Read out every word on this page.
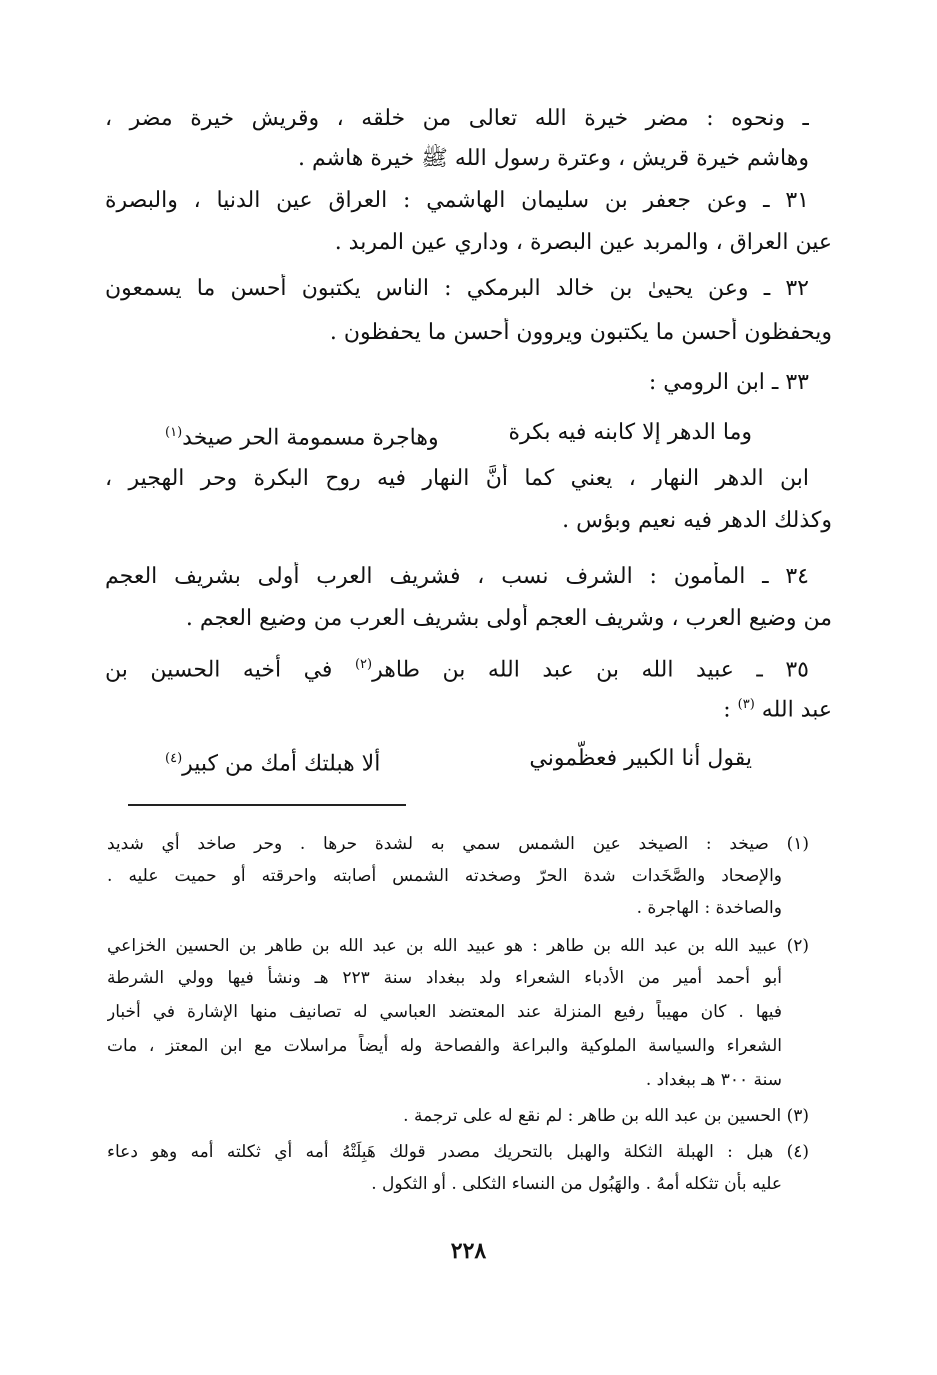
ـ ونحوه : مضر خيرة الله تعالى من خلقه ، وقريش خيرة مضر ،
وهاشم خيرة قريش ، وعترة رسول الله ﷺ خيرة هاشم .
٣١ ـ وعن جعفر بن سليمان الهاشمي : العراق عين الدنيا ، والبصرة
عين العراق ، والمربد عين البصرة ، وداري عين المربد .
٣٢ ـ وعن يحيىٰ بن خالد البرمكي : الناس يكتبون أحسن ما يسمعون
ويحفظون أحسن ما يكتبون ويروون أحسن ما يحفظون .
٣٣ ـ ابن الرومي :
وما الدهر إلا كابنه فيه بكرة
وهاجرة مسمومة الحر صيخد$^{(١)}$
ابن الدهر النهار ، يعني كما أنَّ النهار فيه روح البكرة وحر الهجير ،
وكذلك الدهر فيه نعيم وبؤس .
٣٤ ـ المأمون : الشرف نسب ، فشريف العرب أولى بشريف العجم
من وضيع العرب ، وشريف العجم أولى بشريف العرب من وضيع العجم .
٣٥ ـ عبيد الله بن عبد الله بن طاهر$^{(٢)}$ في أخيه الحسين بن
عبد الله $^{(٣)}$ :
يقول أنا الكبير فعظّموني
ألا هبلتك أمك من كبير$^{(٤)}$
(١) صيخد : الصيخد عين الشمس سمي به لشدة حرها . وحر صاخد أي شديد
والإصحاد والصَّخَدات شدة الحرّ وصخدته الشمس أصابته واحرقته أو حميت عليه .
والصاخدة : الهاجرة .
(٢) عبيد الله بن عبد الله بن طاهر : هو عبيد الله بن عبد الله بن طاهر بن الحسين الخزاعي
أبو أحمد أمير من الأدباء الشعراء ولد ببغداد سنة ٢٢٣ هـ ونشأ فيها وولي الشرطة
فيها . كان مهيباً رفيع المنزلة عند المعتضد العباسي له تصانيف منها الإشارة في أخبار
الشعراء والسياسة الملوكية والبراعة والفصاحة وله أيضاً مراسلات مع ابن المعتز ، مات
سنة ٣٠٠ هـ ببغداد .
(٣) الحسين بن عبد الله بن طاهر : لم نقع له على ترجمة .
(٤) هبل : الهبلة الثكلة والهبل بالتحريك مصدر قولك هَبِلَتْهُ أُمه أي ثكلته أمه وهو دعاء
عليه بأن تثكله أمهُ . والهَبُول من النساء الثكلى . أو الثكول .
٢٢٨
